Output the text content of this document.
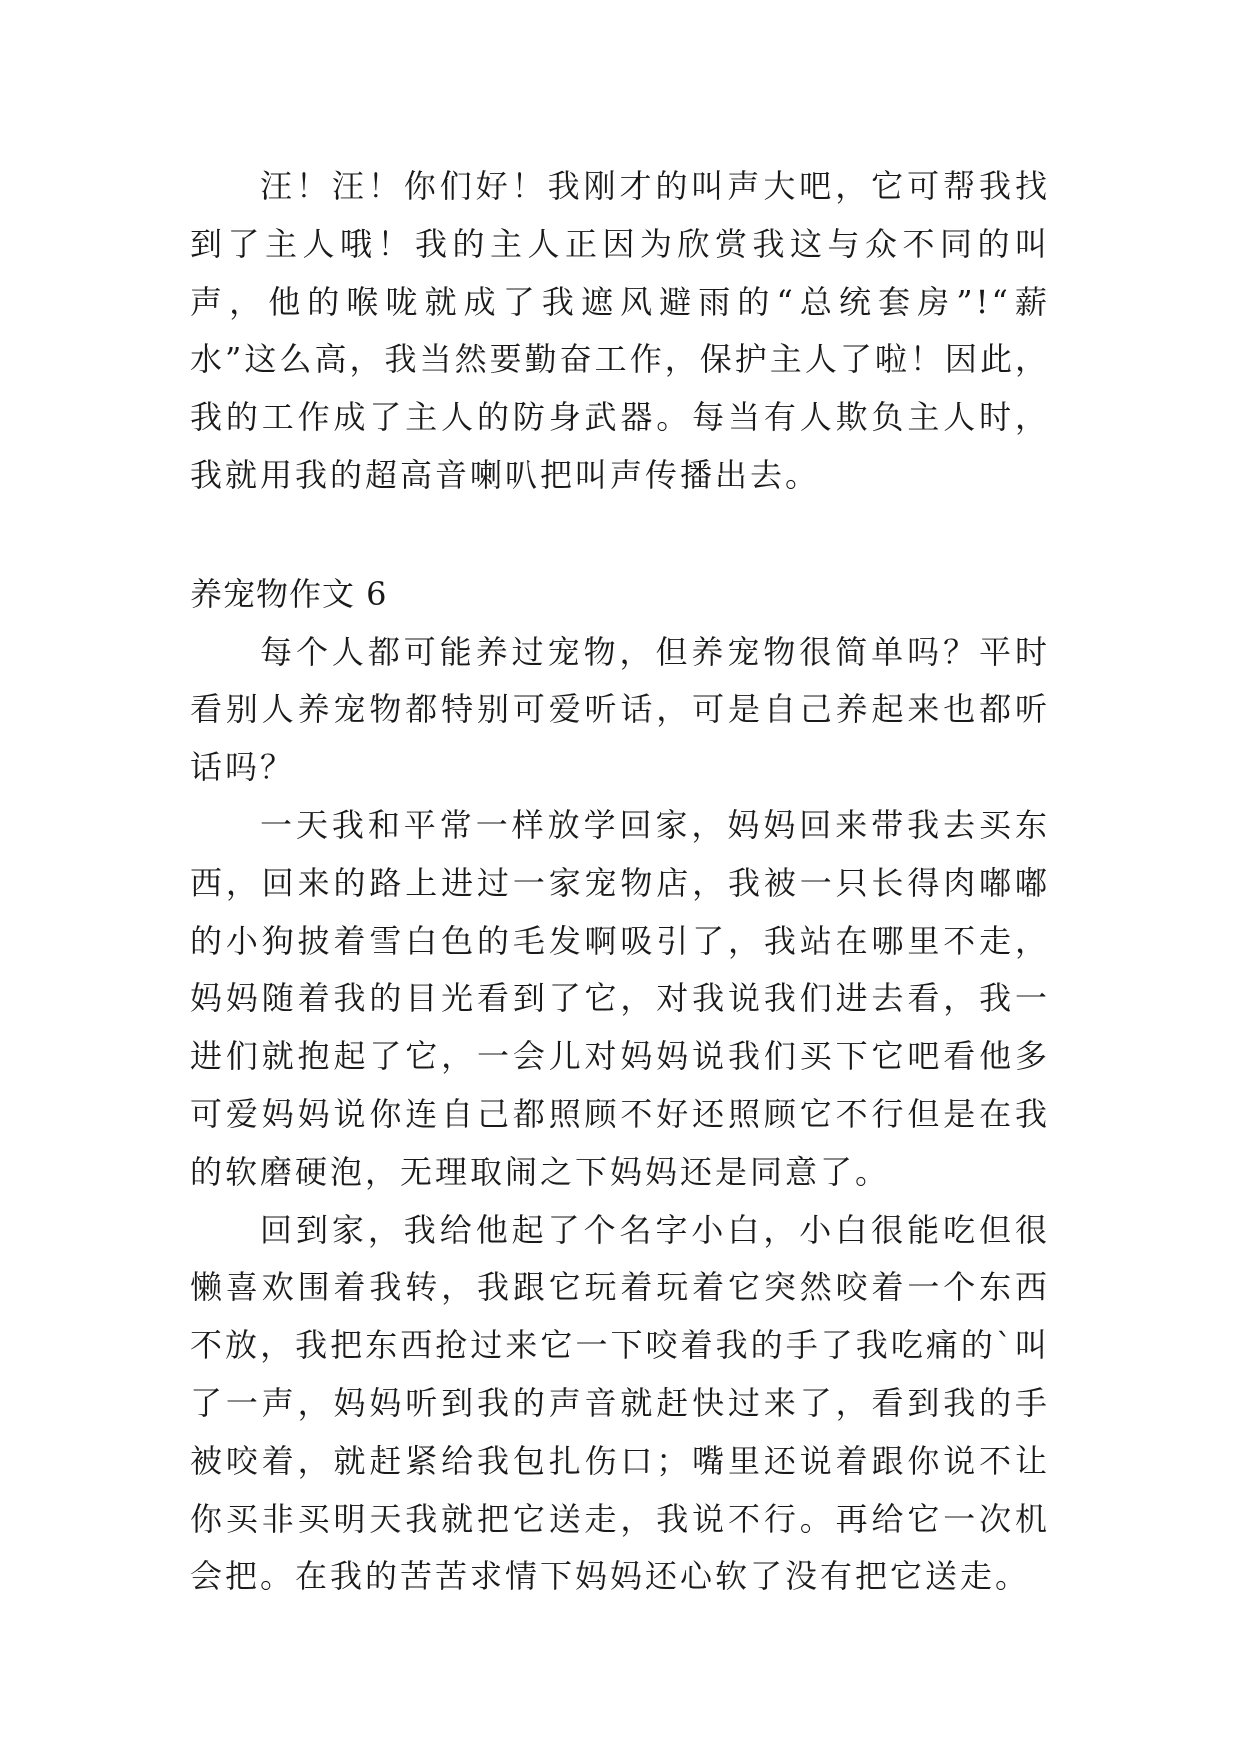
汪！汪！你们好！我刚才的叫声大吧，它可帮我找到了主人哦！我的主人正因为欣赏我这与众不同的叫声，他的喉咙就成了我遮风避雨的“总统套房”!“薪水”这么高，我当然要勤奋工作，保护主人了啦！因此，我的工作成了主人的防身武器。每当有人欺负主人时，我就用我的超高音喇叭把叫声传播出去。

养宠物作文 6

每个人都可能养过宠物，但养宠物很简单吗？平时看别人养宠物都特别可爱听话，可是自己养起来也都听话吗？

一天我和平常一样放学回家，妈妈回来带我去买东西，回来的路上进过一家宠物店，我被一只长得肉嘟嘟的小狗披着雪白色的毛发啊吸引了，我站在哪里不走，妈妈随着我的目光看到了它，对我说我们进去看，我一进们就抱起了它，一会儿对妈妈说我们买下它吧看他多可爱妈妈说你连自己都照顾不好还照顾它不行但是在我的软磨硬泡，无理取闹之下妈妈还是同意了。

回到家，我给他起了个名字小白，小白很能吃但很懒喜欢围着我转，我跟它玩着玩着它突然咬着一个东西不放，我把东西抢过来它一下咬着我的手了我吃痛的`叫了一声，妈妈听到我的声音就赶快过来了，看到我的手被咬着，就赶紧给我包扎伤口；嘴里还说着跟你说不让你买非买明天我就把它送走，我说不行。再给它一次机会把。在我的苦苦求情下妈妈还心软了没有把它送走。
